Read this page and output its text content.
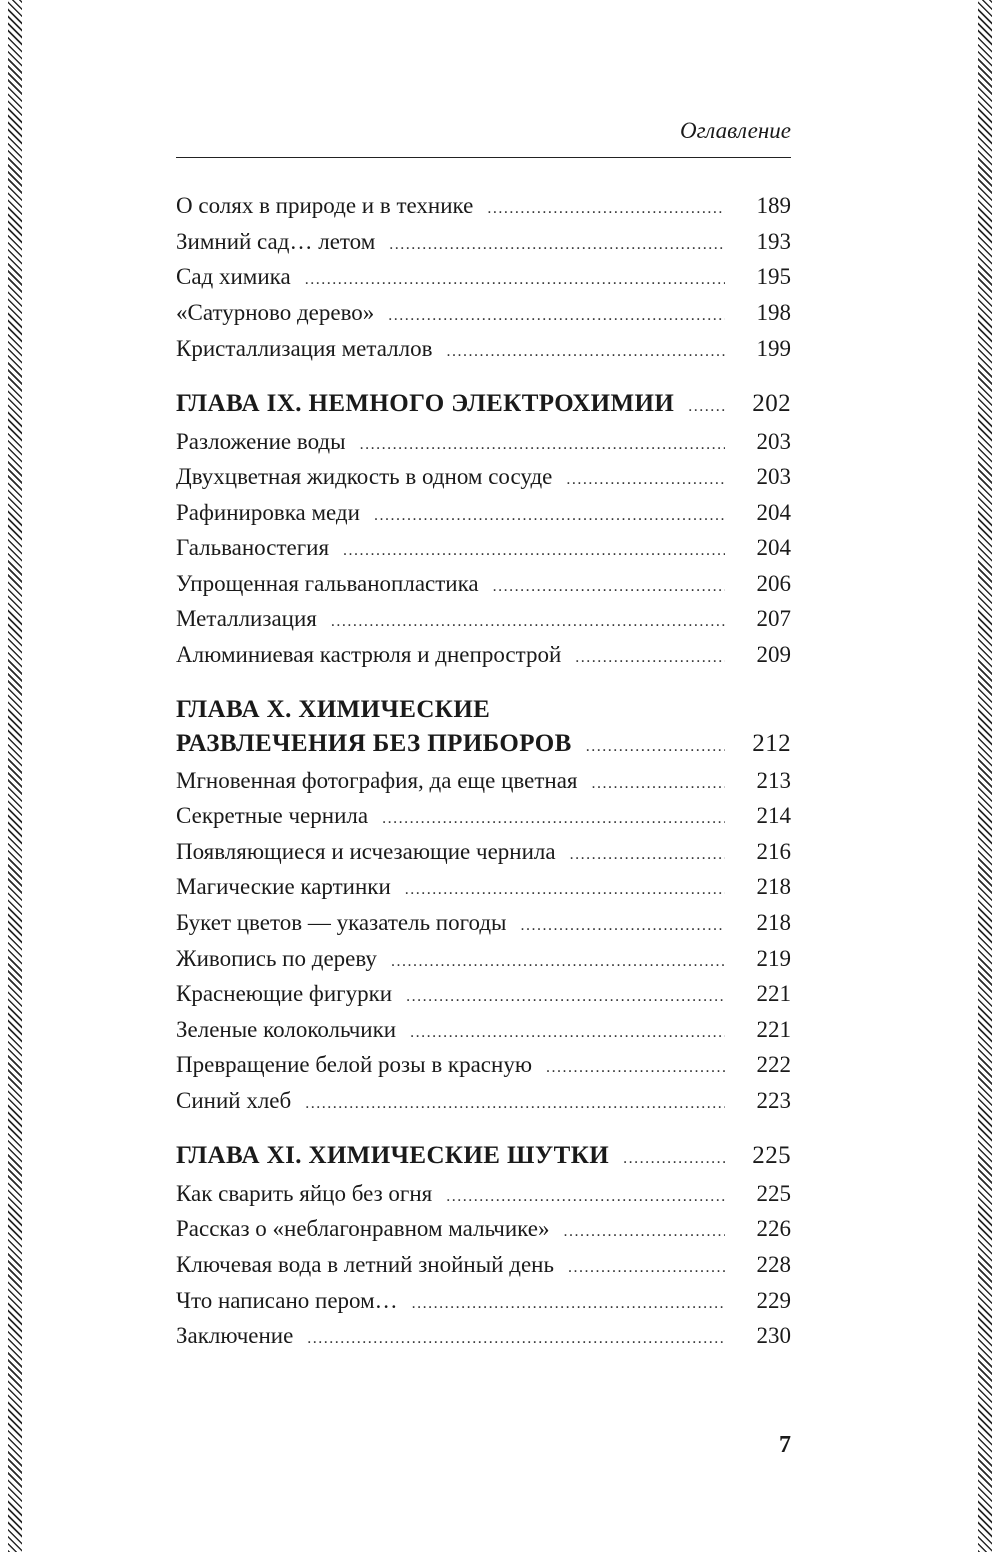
Оглавление
О солях в природе и в технике .....	189
Зимний сад… летом .....	193
Сад химика .....	195
«Сатурново дерево» .....	198
Кристаллизация металлов .....	199
ГЛАВА IX. НЕМНОГО ЭЛЕКТРОХИМИИ .....	202
Разложение воды .....	203
Двухцветная жидкость в одном сосуде .....	203
Рафинировка меди .....	204
Гальваностегия .....	204
Упрощенная гальванопластика .....	206
Металлизация .....	207
Алюминиевая кастрюля и днепрострой .....	209
ГЛАВА X. ХИМИЧЕСКИЕ
РАЗВЛЕЧЕНИЯ БЕЗ ПРИБОРОВ .....	212
Мгновенная фотография, да еще цветная .....	213
Секретные чернила .....	214
Появляющиеся и исчезающие чернила .....	216
Магические картинки .....	218
Букет цветов — указатель погоды .....	218
Живопись по дереву .....	219
Краснеющие фигурки .....	221
Зеленые колокольчики .....	221
Превращение белой розы в красную .....	222
Синий хлеб .....	223
ГЛАВА XI. ХИМИЧЕСКИЕ ШУТКИ .....	225
Как сварить яйцо без огня .....	225
Рассказ о «неблагонравном мальчике» .....	226
Ключевая вода в летний знойный день .....	228
Что написано пером… .....	229
Заключение .....	230
7
